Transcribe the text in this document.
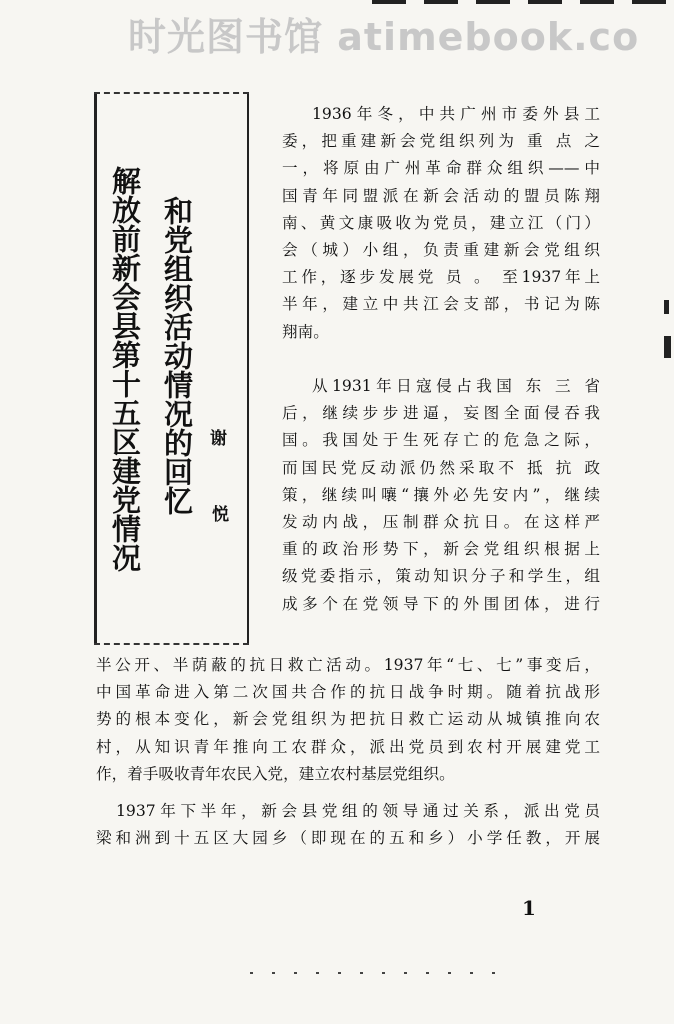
时光图书馆 atimebook.co
解放前新会县第十五区建党情况 和党组织活动情况的回忆 谢
悦
1936年冬，中共广州市委外县工
委，把重建新会党组织列为 重 点 之
一，将原由广州革命群众组织——中
国青年同盟派在新会活动的盟员陈翔
南、黄文康吸收为党员，建立江（门）
会（城）小组，负责重建新会党组织
工作，逐步发展党 员 。 至1937年上
半年，建立中共江会支部，书记为陈
翔南。
从1931年日寇侵占我国 东 三 省
后，继续步步进逼，妄图全面侵吞我
国。我国处于生死存亡的危急之际，
而国民党反动派仍然采取不 抵 抗 政
策，继续叫嚷“攘外必先安内”，继续
发动内战，压制群众抗日。在这样严
重的政治形势下，新会党组织根据上
级党委指示，策动知识分子和学生，组
成多个在党领导下的外围团体，进行
半公开、半荫蔽的抗日救亡活动。1937年“七、七”事变后，
中国革命进入第二次国共合作的抗日战争时期。随着抗战形
势的根本变化，新会党组织为把抗日救亡运动从城镇推向农
村，从知识青年推向工农群众，派出党员到农村开展建党工
作，着手吸收青年农民入党，建立农村基层党组织。
1937年下半年，新会县党组的领导通过关系，派出党员
梁和洲到十五区大园乡（即现在的五和乡）小学任教，开展
1
